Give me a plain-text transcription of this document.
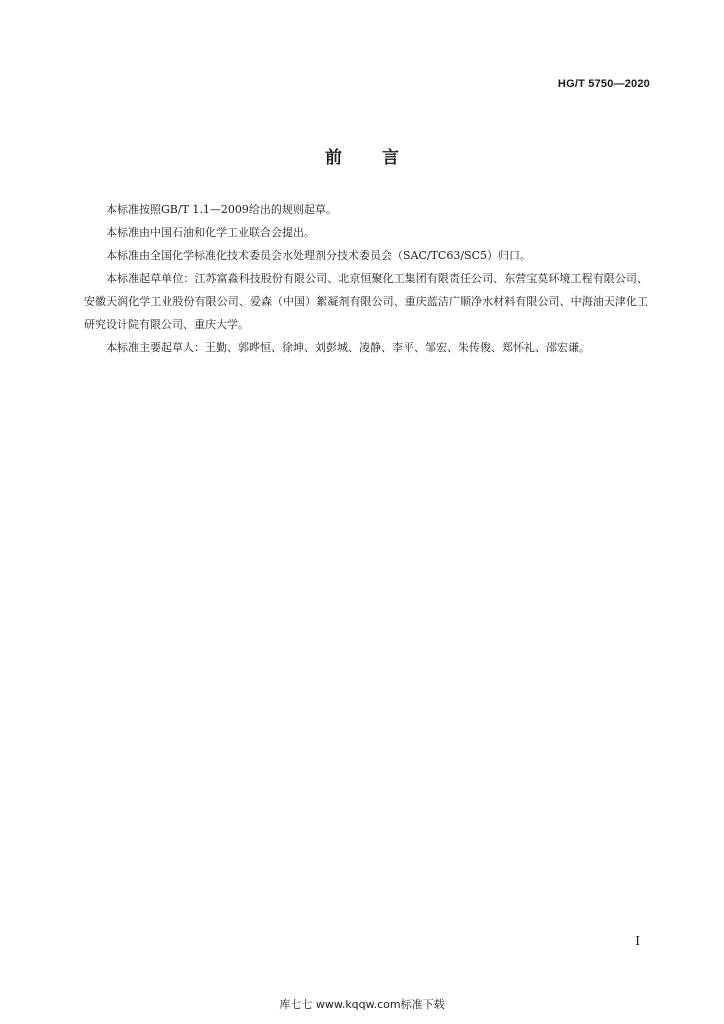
HG/T 5750—2020
前 言

本标准按照GB/T 1.1—2009给出的规则起草。

本标准由中国石油和化学工业联合会提出。

本标准由全国化学标准化技术委员会水处理剂分技术委员会（SAC/TC63/SC5）归口。

本标准起草单位：江苏富淼科技股份有限公司、北京恒聚化工集团有限责任公司、东营宝莫环境工程有限公司、安徽天润化学工业股份有限公司、爱森（中国）絮凝剂有限公司、重庆蓝洁广顺净水材料有限公司、中海油天津化工研究设计院有限公司、重庆大学。

本标准主要起草人：王勤、郭晔恒、徐坤、刘彭城、凌静、李平、邹宏、朱传俊、郑怀礼、邵宏谦。

I
库七七 www.kqqw.com标准下载
